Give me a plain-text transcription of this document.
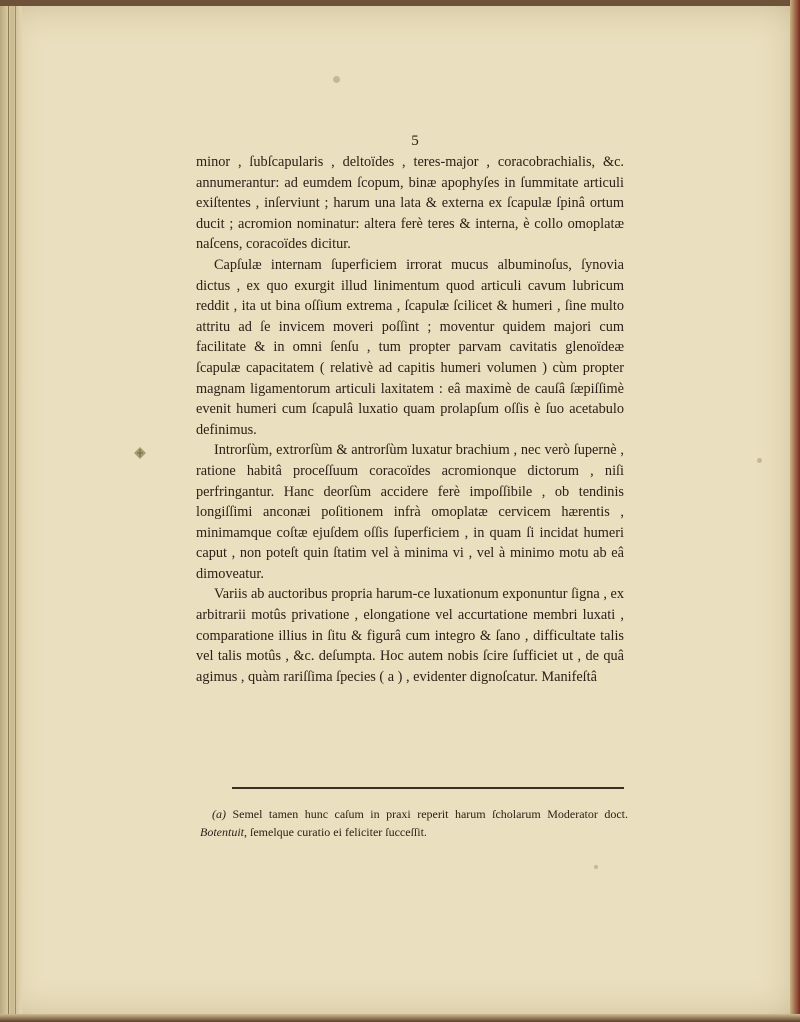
5

minor , ſubſcapularis , deltoïdes , teres-major , coracobrachialis, &c. annumerantur: ad eumdem ſcopum, binæ apophyſes in ſummitate articuli exiſtentes , inſerviunt ; harum una lata & externa ex ſcapulæ ſpinâ ortum ducit ; acromion nominatur: altera ferè teres & interna, è collo omoplatæ naſcens, coracoïdes dicitur.

Capſulæ internam ſuperficiem irrorat mucus albuminoſus, ſynovia dictus , ex quo exurgit illud linimentum quod articuli cavum lubricum reddit , ita ut bina oſſium extrema , ſcapulæ ſcilicet & humeri , ſine multo attritu ad ſe invicem moveri poſſint ; moventur quidem majori cum facilitate & in omni ſenſu , tum propter parvam cavitatis glenoïdeæ ſcapulæ capacitatem ( relativè ad capitis humeri volumen ) cùm propter magnam ligamentorum articuli laxitatem : eâ maximè de cauſâ ſæpiſſimè evenit humeri cum ſcapulâ luxatio quam prolapſum oſſis è ſuo acetabulo definimus.

Introrſùm, extrorſùm & antrorſùm luxatur brachium , nec verò ſupernè , ratione habitâ proceſſuum coracoïdes acromionque dictorum , niſi perfringantur. Hanc deorſùm accidere ferè impoſſibile , ob tendinis longiſſimi anconæi poſitionem infrà omoplatæ cervicem hærentis , minimamque coſtæ ejuſdem oſſis ſuperficiem , in quam ſi incidat humeri caput , non poteſt quin ſtatim vel à minima vi , vel à minimo motu ab eâ dimoveatur.

Variis ab auctoribus propria harum-ce luxationum exponuntur ſigna , ex arbitrarii motûs privatione , elongatione vel accurtatione membri luxati , comparatione illius in ſitu & figurâ cum integro & ſano , difficultate talis vel talis motûs , &c. deſumpta. Hoc autem nobis ſcire ſufficiet ut , de quâ agimus , quàm rariſſima ſpecies ( a ) , evidenter dignoſcatur. Manifeſtâ

(a) Semel tamen hunc caſum in praxi reperit harum ſcholarum Moderator doct. Botentuit, ſemelque curatio ei feliciter ſucceſſit.
